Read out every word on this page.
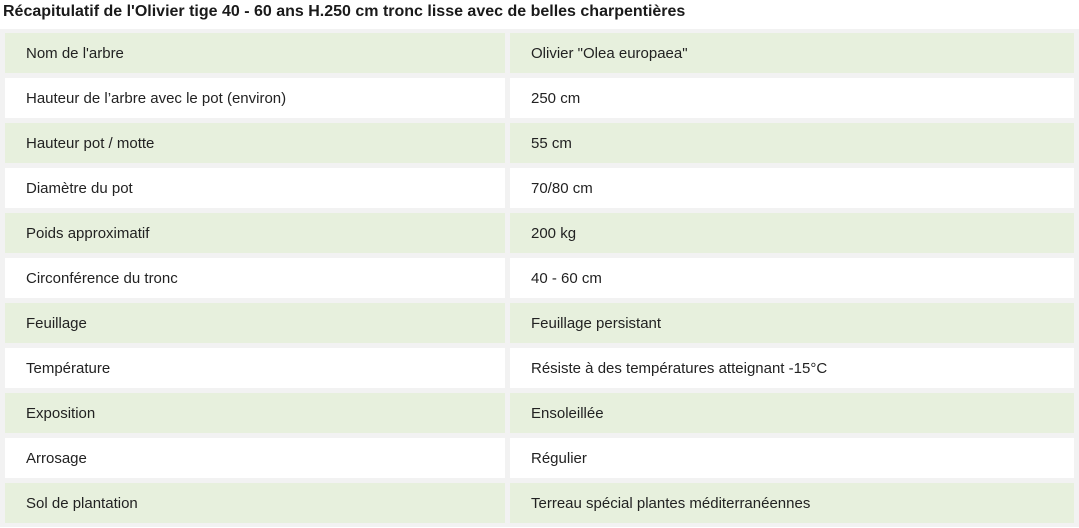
Récapitulatif de l'Olivier tige 40 - 60 ans H.250 cm tronc lisse avec de belles charpentières
Nom de l'arbre	Olivier "Olea europaea"
Hauteur de l’arbre avec le pot (environ)	250 cm
Hauteur pot / motte	55 cm
Diamètre du pot	70/80 cm
Poids approximatif	200 kg
Circonférence du tronc	40 - 60 cm
Feuillage	Feuillage persistant
Température	Résiste à des températures atteignant -15°C
Exposition	Ensoleillée
Arrosage	Régulier
Sol de plantation	Terreau spécial plantes méditerranéennes
